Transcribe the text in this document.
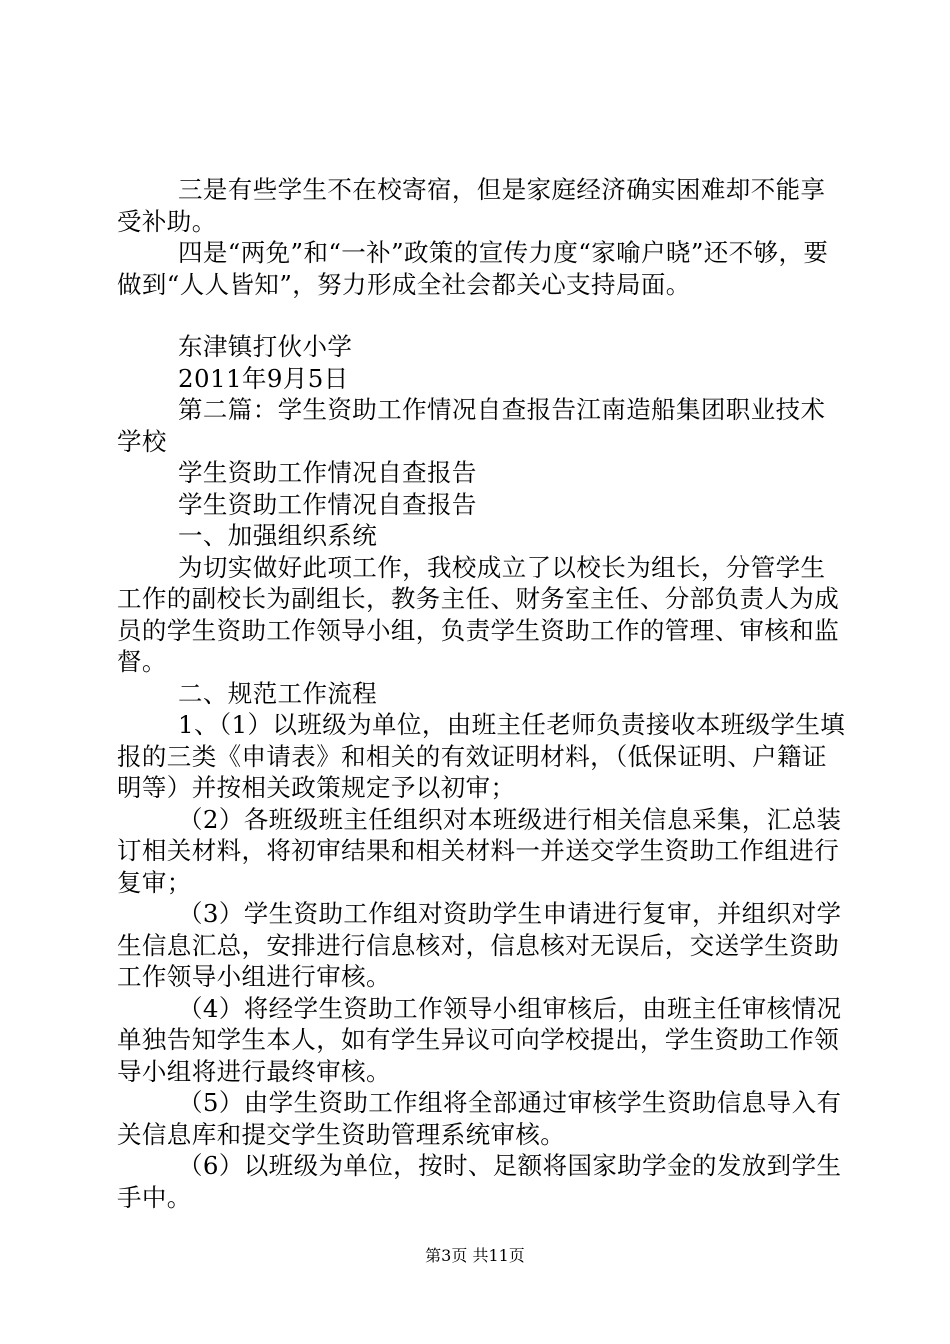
三是有些学生不在校寄宿，但是家庭经济确实困难却不能享受补助。

四是“两免”和“一补”政策的宣传力度“家喻户晓”还不够，要做到“人人皆知”，努力形成全社会都关心支持局面。

东津镇打伙小学

2011年9月5日

第二篇：学生资助工作情况自查报告江南造船集团职业技术学校

学生资助工作情况自查报告

学生资助工作情况自查报告

一、加强组织系统

为切实做好此项工作，我校成立了以校长为组长，分管学生工作的副校长为副组长，教务主任、财务室主任、分部负责人为成员的学生资助工作领导小组，负责学生资助工作的管理、审核和监督。

二、规范工作流程

1、（1）以班级为单位，由班主任老师负责接收本班级学生填报的三类《申请表》和相关的有效证明材料，（低保证明、户籍证明等）并按相关政策规定予以初审；

（2）各班级班主任组织对本班级进行相关信息采集，汇总装订相关材料，将初审结果和相关材料一并送交学生资助工作组进行复审；

（3）学生资助工作组对资助学生申请进行复审，并组织对学生信息汇总，安排进行信息核对，信息核对无误后，交送学生资助工作领导小组进行审核。

（4）将经学生资助工作领导小组审核后，由班主任审核情况单独告知学生本人，如有学生异议可向学校提出，学生资助工作领导小组将进行最终审核。

（5）由学生资助工作组将全部通过审核学生资助信息导入有关信息库和提交学生资助管理系统审核。

（6）以班级为单位，按时、足额将国家助学金的发放到学生手中。

第3页 共11页
